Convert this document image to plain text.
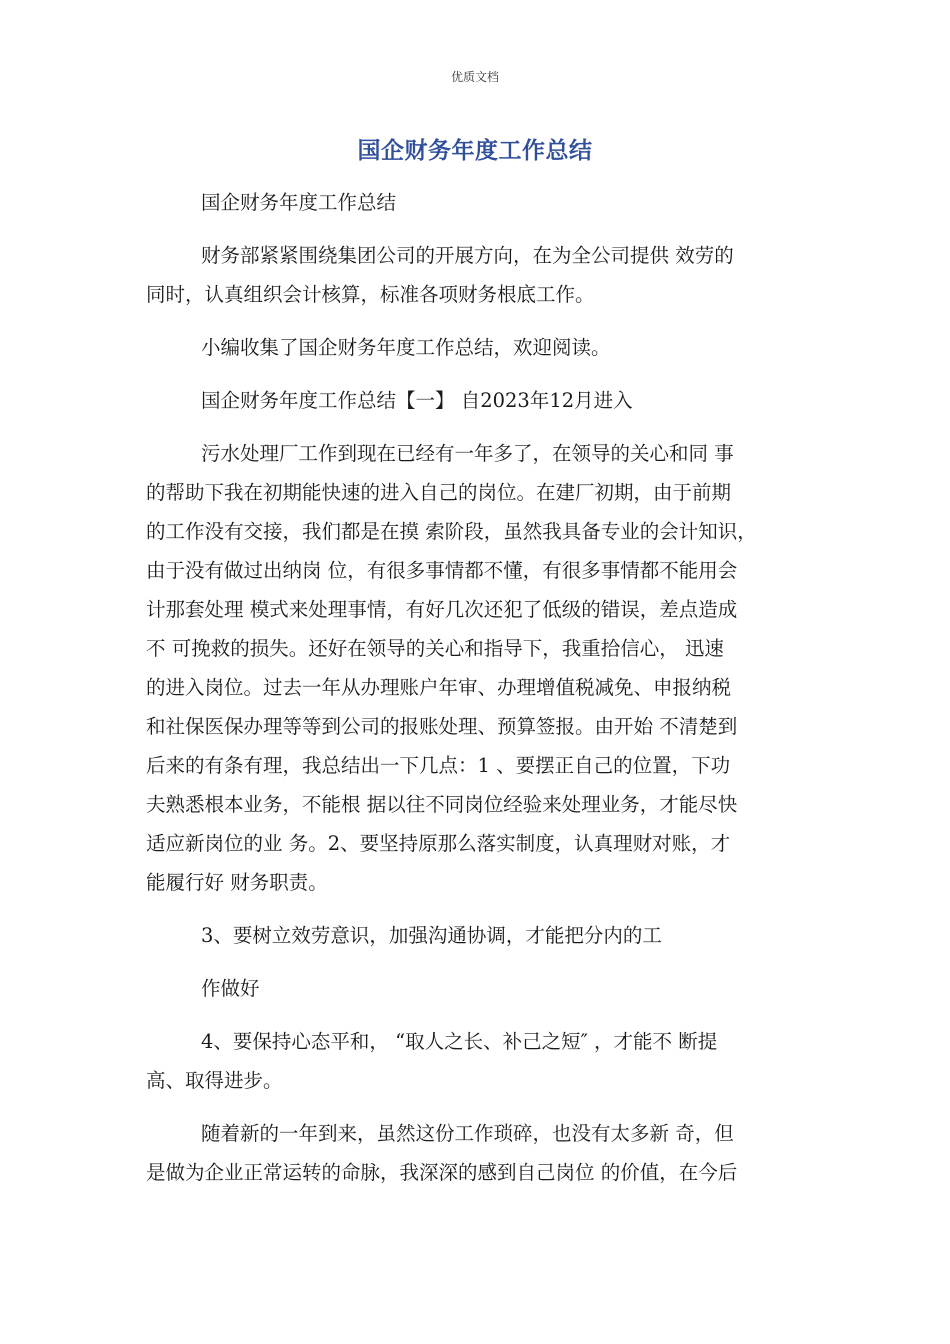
优质文档
国企财务年度工作总结
国企财务年度工作总结
财务部紧紧围绕集团公司的开展方向，在为全公司提供 效劳的
同时，认真组织会计核算，标准各项财务根底工作。
小编收集了国企财务年度工作总结，欢迎阅读。
国企财务年度工作总结【一】 自2023年12月进入
污水处理厂工作到现在已经有一年多了，在领导的关心和同 事
的帮助下我在初期能快速的进入自己的岗位。在建厂初期，由于前期
的工作没有交接，我们都是在摸 索阶段，虽然我具备专业的会计知识，
由于没有做过出纳岗 位，有很多事情都不懂，有很多事情都不能用会
计那套处理 模式来处理事情，有好几次还犯了低级的错误，差点造成
不 可挽救的损失。还好在领导的关心和指导下，我重拾信心， 迅速
的进入岗位。过去一年从办理账户年审、办理增值税减免、申报纳税
和社保医保办理等等到公司的报账处理、预算签报。由开始 不清楚到
后来的有条有理，我总结出一下几点：1 、要摆正自己的位置，下功
夫熟悉根本业务，不能根 据以往不同岗位经验来处理业务，才能尽快
适应新岗位的业 务。2、要坚持原那么落实制度，认真理财对账，才
能履行好 财务职责。
3、要树立效劳意识，加强沟通协调，才能把分内的工
作做好
4、要保持心态平和， “取人之长、补己之短″ ，才能不 断提
高、取得进步。
随着新的一年到来，虽然这份工作琐碎，也没有太多新 奇，但
是做为企业正常运转的命脉，我深深的感到自己岗位 的价值，在今后
